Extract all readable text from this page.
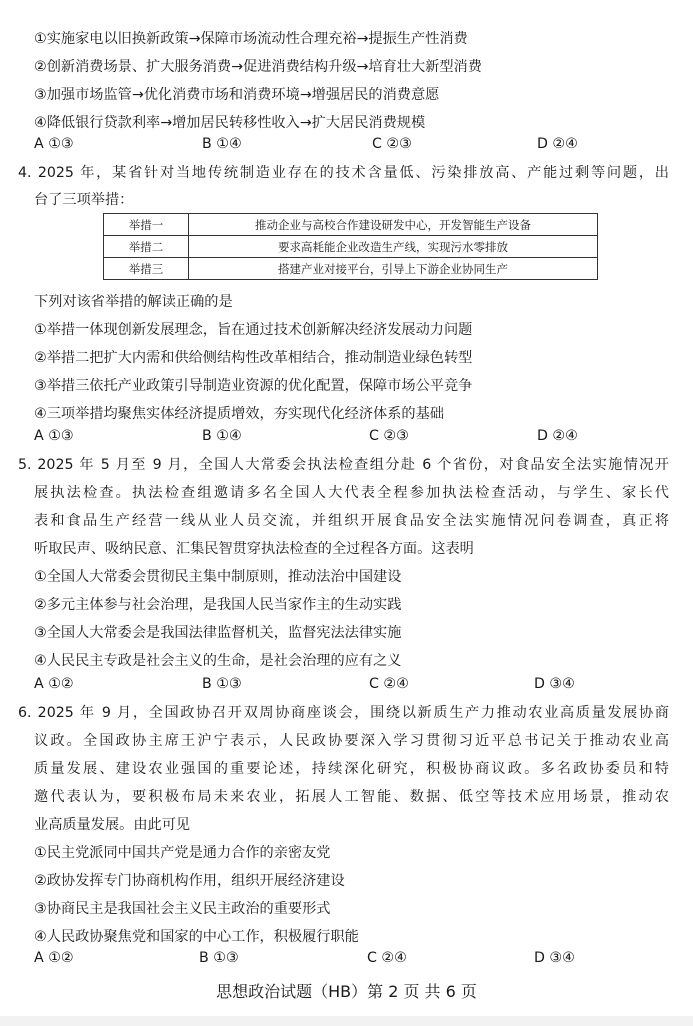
①实施家电以旧换新政策→保障市场流动性合理充裕→提振生产性消费
②创新消费场景、扩大服务消费→促进消费结构升级→培育壮大新型消费
③加强市场监管→优化消费市场和消费环境→增强居民的消费意愿
④降低银行贷款利率→增加居民转移性收入→扩大居民消费规模
A ①③	B ①④	C ②③	D ②④
4. 2025 年，某省针对当地传统制造业存在的技术含量低、污染排放高、产能过剩等问题，出
台了三项举措：
举措一	推动企业与高校合作建设研发中心，开发智能生产设备
举措二	要求高耗能企业改造生产线，实现污水零排放
举措三	搭建产业对接平台，引导上下游企业协同生产
下列对该省举措的解读正确的是
①举措一体现创新发展理念，旨在通过技术创新解决经济发展动力问题
②举措二把扩大内需和供给侧结构性改革相结合，推动制造业绿色转型
③举措三依托产业政策引导制造业资源的优化配置，保障市场公平竞争
④三项举措均聚焦实体经济提质增效，夯实现代化经济体系的基础
A ①③	B ①④	C ②③	D ②④
5. 2025 年 5 月至 9 月，全国人大常委会执法检查组分赴 6 个省份，对食品安全法实施情况开
展执法检查。执法检查组邀请多名全国人大代表全程参加执法检查活动，与学生、家长代
表和食品生产经营一线从业人员交流，并组织开展食品安全法实施情况问卷调查，真正将
听取民声、吸纳民意、汇集民智贯穿执法检查的全过程各方面。这表明
①全国人大常委会贯彻民主集中制原则，推动法治中国建设
②多元主体参与社会治理，是我国人民当家作主的生动实践
③全国人大常委会是我国法律监督机关，监督宪法法律实施
④人民民主专政是社会主义的生命，是社会治理的应有之义
A ①②	B ①③	C ②④	D ③④
6. 2025 年 9 月，全国政协召开双周协商座谈会，围绕以新质生产力推动农业高质量发展协商
议政。全国政协主席王沪宁表示，人民政协要深入学习贯彻习近平总书记关于推动农业高
质量发展、建设农业强国的重要论述，持续深化研究，积极协商议政。多名政协委员和特
邀代表认为，要积极布局未来农业，拓展人工智能、数据、低空等技术应用场景，推动农
业高质量发展。由此可见
①民主党派同中国共产党是通力合作的亲密友党
②政协发挥专门协商机构作用，组织开展经济建设
③协商民主是我国社会主义民主政治的重要形式
④人民政协聚焦党和国家的中心工作，积极履行职能
A ①②	B ①③	C ②④	D ③④
思想政治试题（HB）第 2 页 共 6 页
